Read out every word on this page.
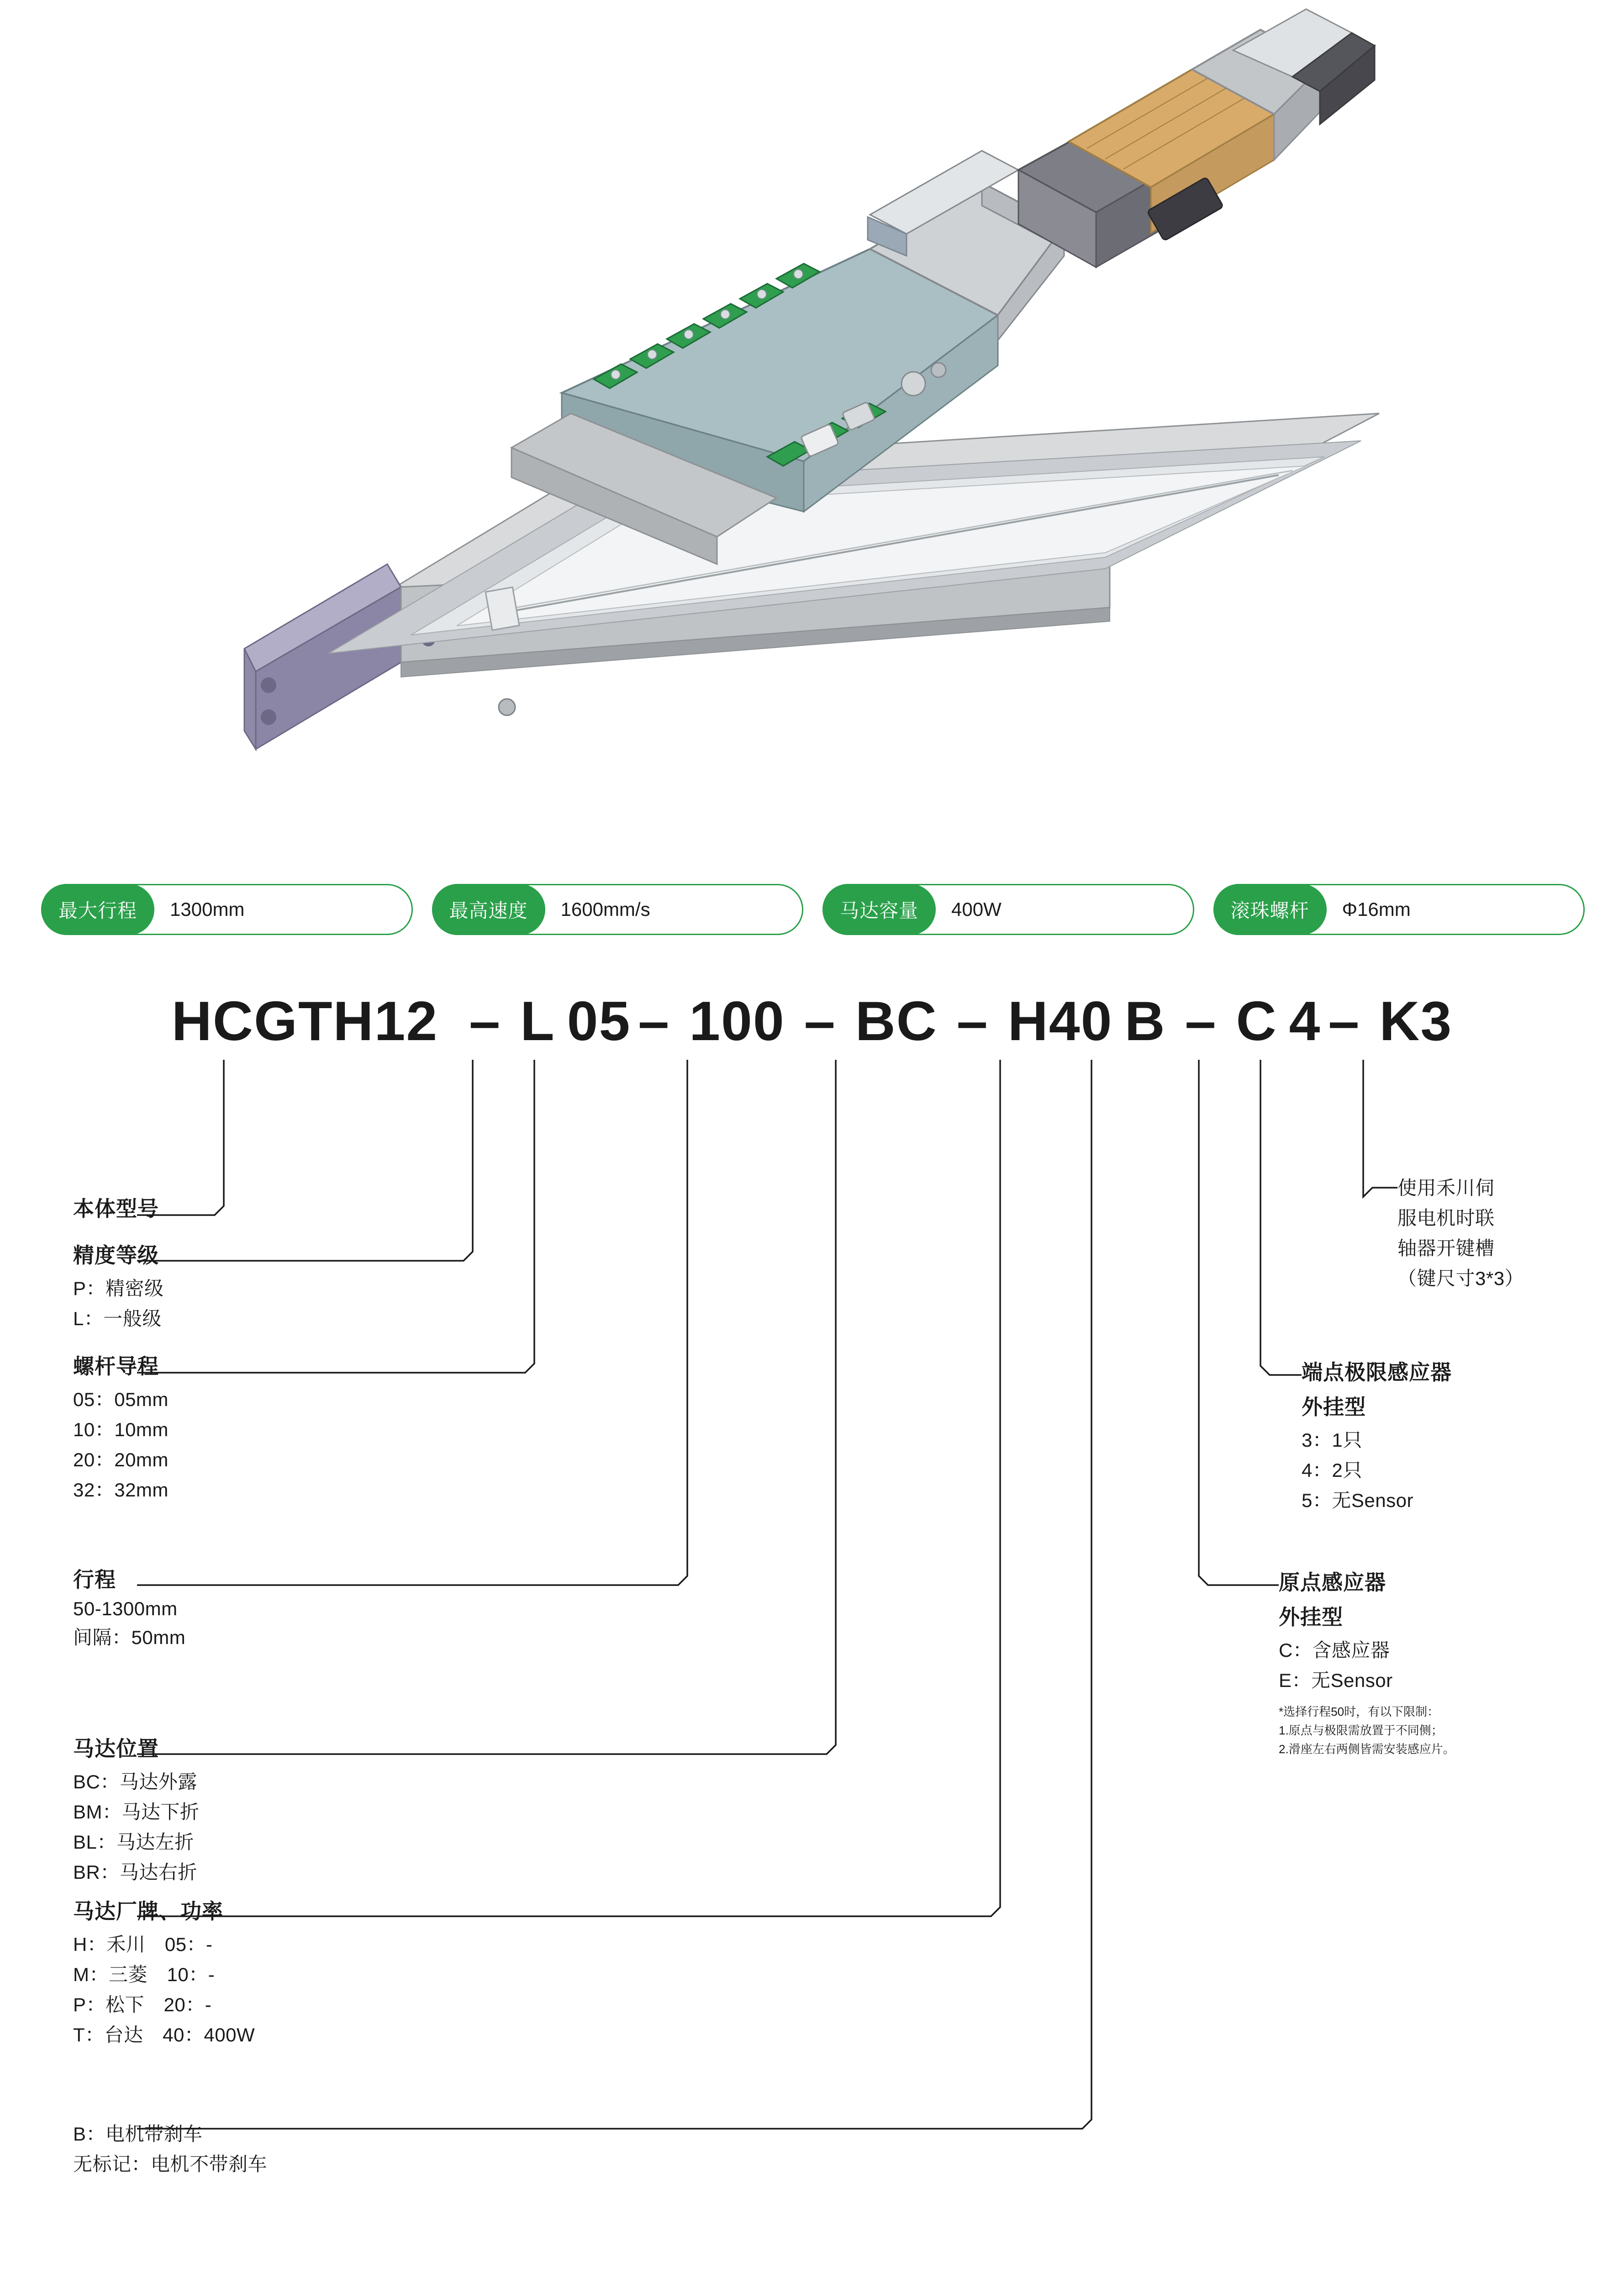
最大行程	1300mm	最高速度	1600mm/s	马达容量	400W	滚珠螺杆	Φ16mm
HCGTH12 – L 05 – 100 – BC – H40 B – C 4 – K3
本体型号
精度等级
P：精密级
L：一般级
螺杆导程
05：05mm
10：10mm
20：20mm
32：32mm
行程
50-1300mm
间隔：50mm
马达位置
BC：马达外露
BM：马达下折
BL：马达左折
BR：马达右折
马达厂牌、功率
H：禾川　05：-
M：三菱　10：-
P：松下　20：-
T：台达　40：400W
B：电机带刹车
无标记：电机不带刹车
使用禾川伺
服电机时联
轴器开键槽
（键尺寸3*3）
端点极限感应器
外挂型
3：1只
4：2只
5：无Sensor
原点感应器
外挂型
C：含感应器
E：无Sensor
*选择行程50时，有以下限制：
1.原点与极限需放置于不同侧；
2.滑座左右两侧皆需安装感应片。
